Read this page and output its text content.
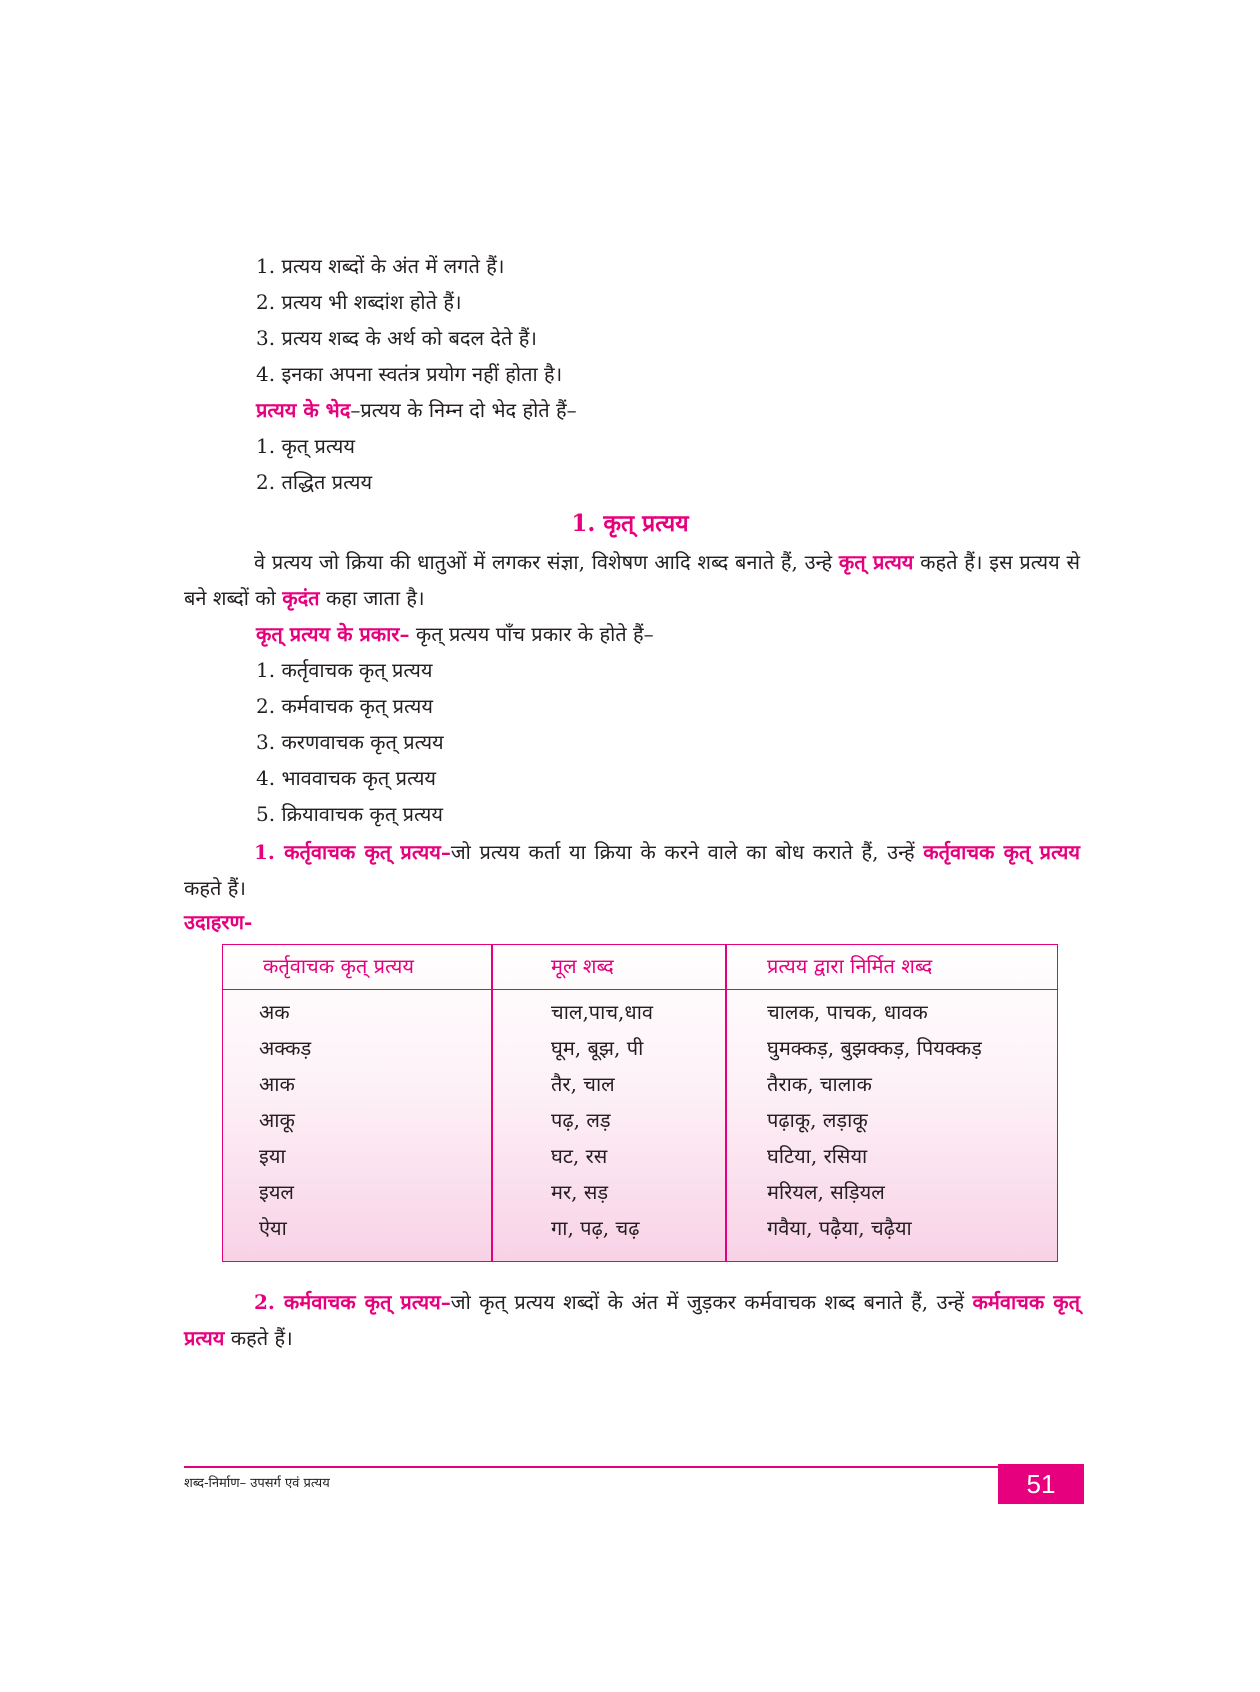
1. प्रत्यय शब्दों के अंत में लगते हैं।
2. प्रत्यय भी शब्दांश होते हैं।
3. प्रत्यय शब्द के अर्थ को बदल देते हैं।
4. इनका अपना स्वतंत्र प्रयोग नहीं होता है।
प्रत्यय के भेद–प्रत्यय के निम्न दो भेद होते हैं–
1. कृत् प्रत्यय
2. तद्धित प्रत्यय
1. कृत् प्रत्यय
वे प्रत्यय जो क्रिया की धातुओं में लगकर संज्ञा, विशेषण आदि शब्द बनाते हैं, उन्हे कृत् प्रत्यय कहते हैं। इस प्रत्यय से बने शब्दों को कृदंत कहा जाता है।
कृत् प्रत्यय के प्रकार– कृत् प्रत्यय पाँच प्रकार के होते हैं–
1. कर्तृवाचक कृत् प्रत्यय
2. कर्मवाचक कृत् प्रत्यय
3. करणवाचक कृत् प्रत्यय
4. भाववाचक कृत् प्रत्यय
5. क्रियावाचक कृत् प्रत्यय
1. कर्तृवाचक कृत् प्रत्यय–जो प्रत्यय कर्ता या क्रिया के करने वाले का बोध कराते हैं, उन्हें कर्तृवाचक कृत् प्रत्यय कहते हैं।
उदाहरण-
कर्तृवाचक कृत् प्रत्यय	मूल शब्द	प्रत्यय द्वारा निर्मित शब्द
अक	चाल,पाच,धाव	चालक, पाचक, धावक
अक्कड़	घूम, बूझ, पी	घुमक्कड़, बुझक्कड़, पियक्कड़
आक	तैर, चाल	तैराक, चालाक
आकू	पढ़, लड़	पढ़ाकू, लड़ाकू
इया	घट, रस	घटिया, रसिया
इयल	मर, सड़	मरियल, सड़ियल
ऐया	गा, पढ़, चढ़	गवैया, पढ़ैया, चढ़ैया
2. कर्मवाचक कृत् प्रत्यय–जो कृत् प्रत्यय शब्दों के अंत में जुड़कर कर्मवाचक शब्द बनाते हैं, उन्हें कर्मवाचक कृत् प्रत्यय कहते हैं।
शब्द-निर्माण– उपसर्ग एवं प्रत्यय	51
